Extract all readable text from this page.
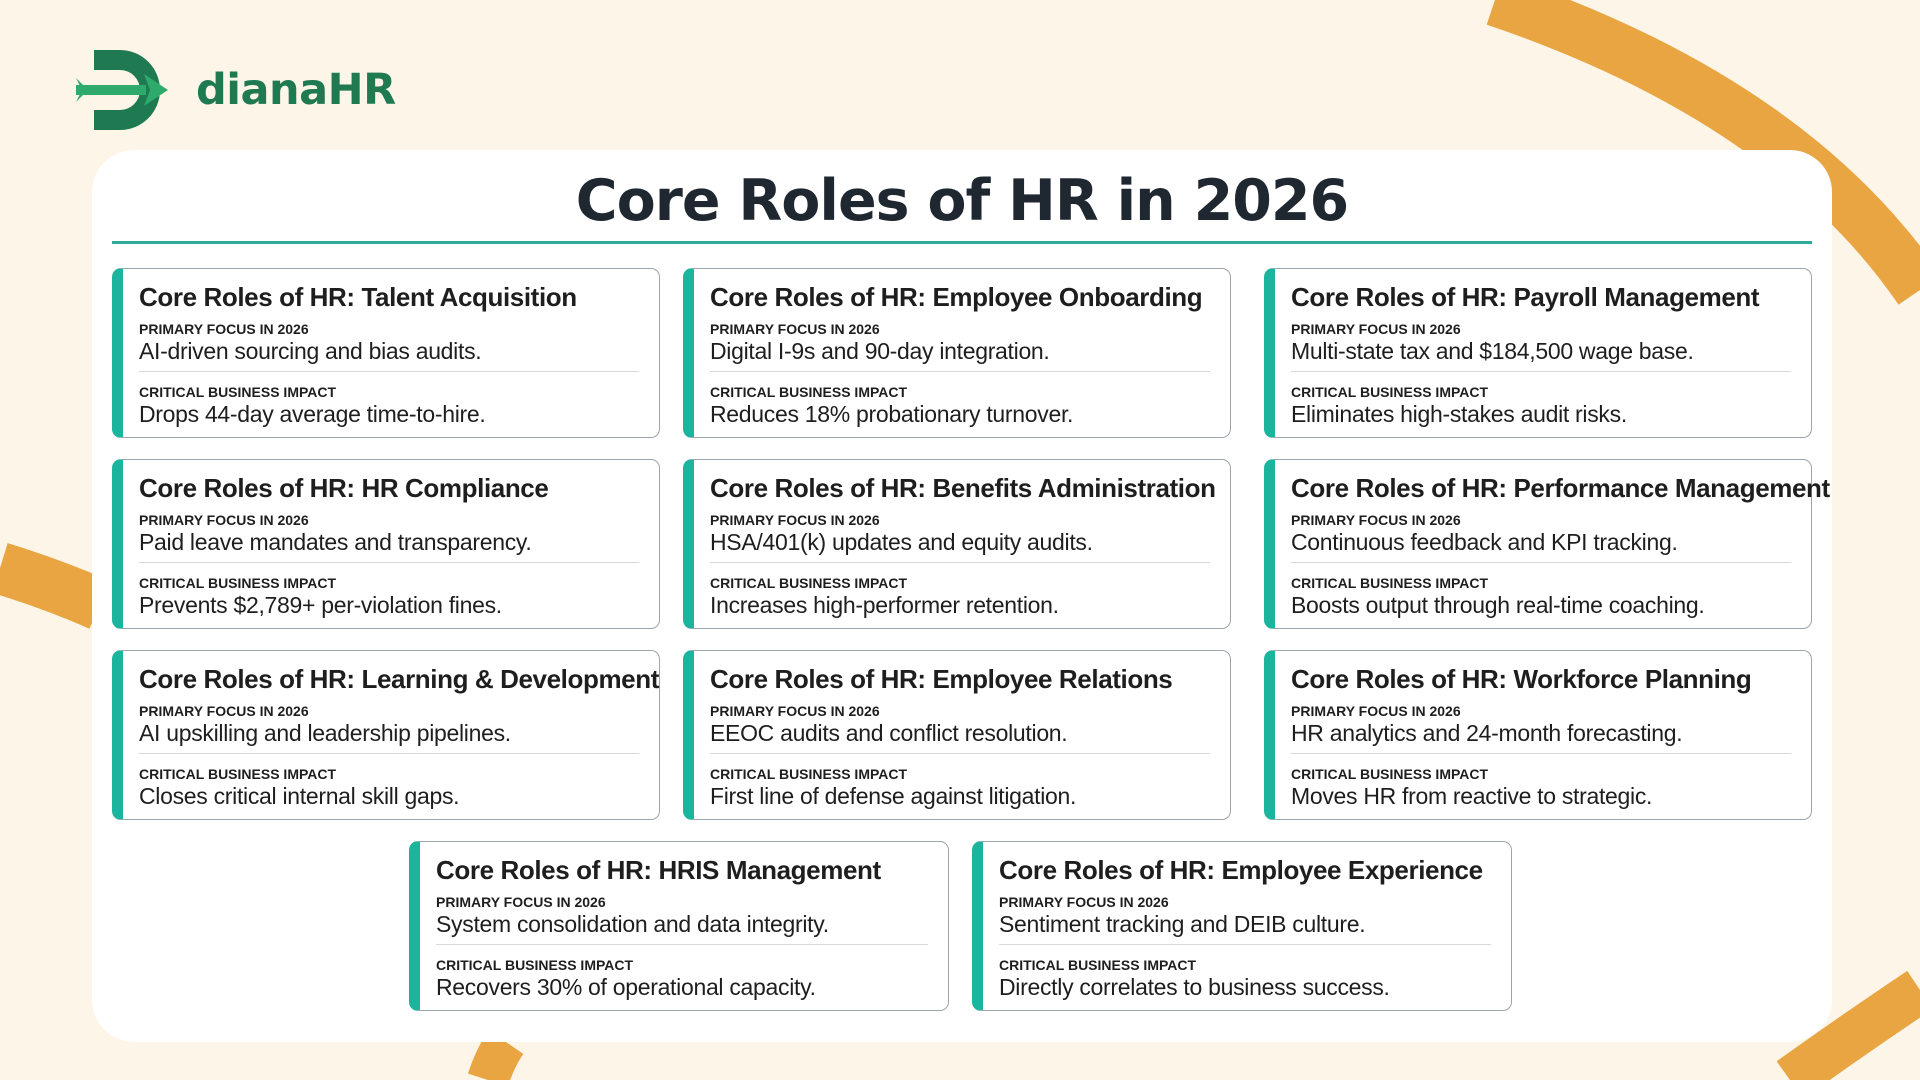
dianaHR
Core Roles of HR in 2026
Core Roles of HR: Talent Acquisition
PRIMARY FOCUS IN 2026
AI-driven sourcing and bias audits.
CRITICAL BUSINESS IMPACT
Drops 44-day average time-to-hire.
Core Roles of HR: Employee Onboarding
PRIMARY FOCUS IN 2026
Digital I-9s and 90-day integration.
CRITICAL BUSINESS IMPACT
Reduces 18% probationary turnover.
Core Roles of HR: Payroll Management
PRIMARY FOCUS IN 2026
Multi-state tax and $184,500 wage base.
CRITICAL BUSINESS IMPACT
Eliminates high-stakes audit risks.
Core Roles of HR: HR Compliance
PRIMARY FOCUS IN 2026
Paid leave mandates and transparency.
CRITICAL BUSINESS IMPACT
Prevents $2,789+ per-violation fines.
Core Roles of HR: Benefits Administration
PRIMARY FOCUS IN 2026
HSA/401(k) updates and equity audits.
CRITICAL BUSINESS IMPACT
Increases high-performer retention.
Core Roles of HR: Performance Management
PRIMARY FOCUS IN 2026
Continuous feedback and KPI tracking.
CRITICAL BUSINESS IMPACT
Boosts output through real-time coaching.
Core Roles of HR: Learning & Development
PRIMARY FOCUS IN 2026
AI upskilling and leadership pipelines.
CRITICAL BUSINESS IMPACT
Closes critical internal skill gaps.
Core Roles of HR: Employee Relations
PRIMARY FOCUS IN 2026
EEOC audits and conflict resolution.
CRITICAL BUSINESS IMPACT
First line of defense against litigation.
Core Roles of HR: Workforce Planning
PRIMARY FOCUS IN 2026
HR analytics and 24-month forecasting.
CRITICAL BUSINESS IMPACT
Moves HR from reactive to strategic.
Core Roles of HR: HRIS Management
PRIMARY FOCUS IN 2026
System consolidation and data integrity.
CRITICAL BUSINESS IMPACT
Recovers 30% of operational capacity.
Core Roles of HR: Employee Experience
PRIMARY FOCUS IN 2026
Sentiment tracking and DEIB culture.
CRITICAL BUSINESS IMPACT
Directly correlates to business success.
